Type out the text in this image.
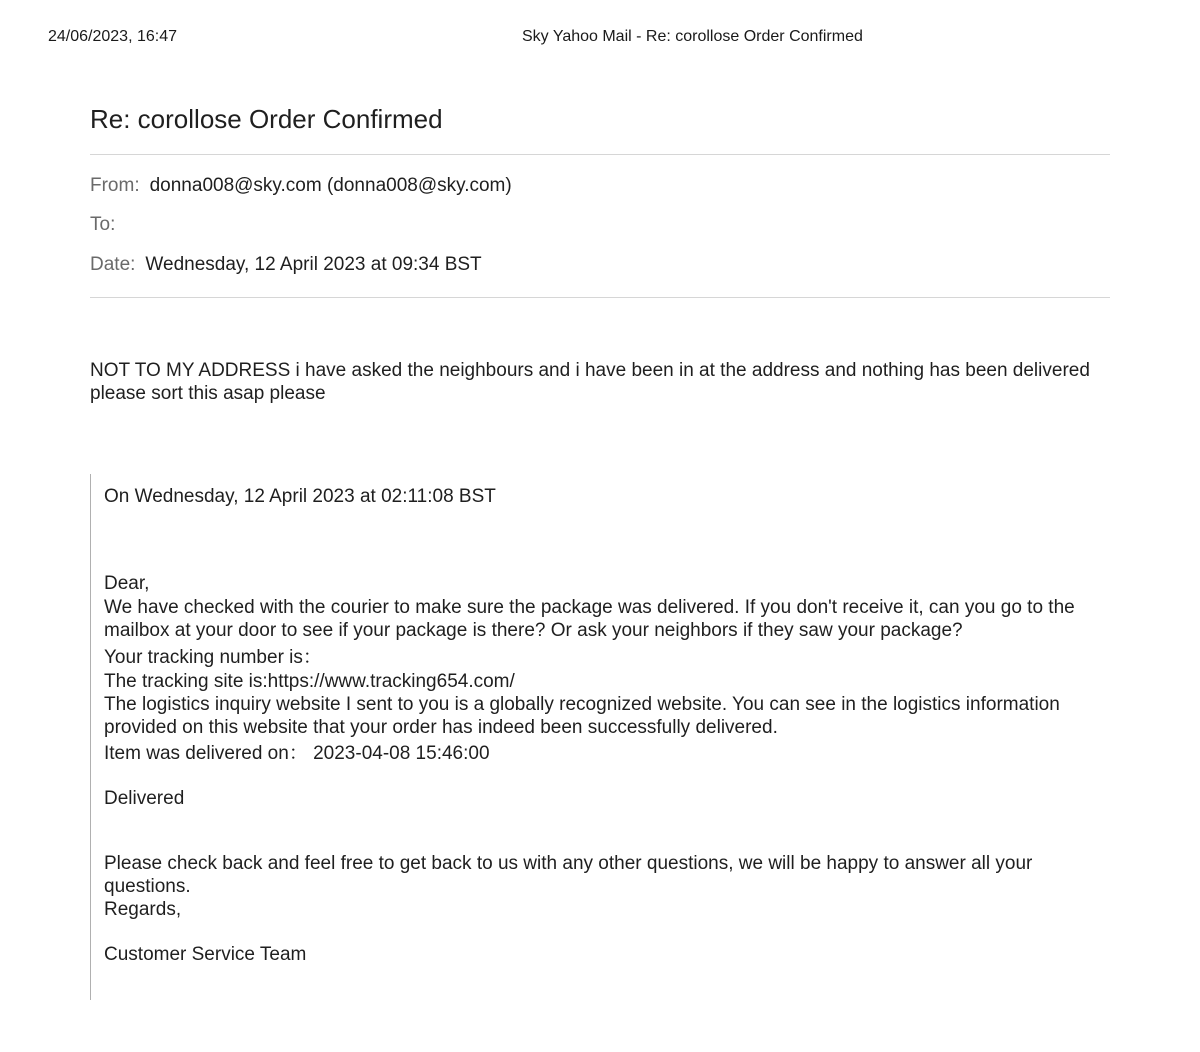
24/06/2023, 16:47	Sky Yahoo Mail - Re: corollose Order Confirmed
Re: corollose Order Confirmed
From: donna008@sky.com (donna008@sky.com)
To:
Date: Wednesday, 12 April 2023 at 09:34 BST
NOT TO MY ADDRESS i have asked the neighbours and i have been in at the address and nothing has been delivered please sort this asap please
On Wednesday, 12 April 2023 at 02:11:08 BST
Dear,
We have checked with the courier to make sure the package was delivered. If you don't receive it, can you go to the mailbox at your door to see if your package is there? Or ask your neighbors if they saw your package?
Your tracking number is：
The tracking site is:https://www.tracking654.com/
The logistics inquiry website I sent to you is a globally recognized website. You can see in the logistics information provided on this website that your order has indeed been successfully delivered.
Item was delivered on： 2023-04-08 15:46:00
Delivered
Please check back and feel free to get back to us with any other questions, we will be happy to answer all your questions.
Regards,
Customer Service Team
